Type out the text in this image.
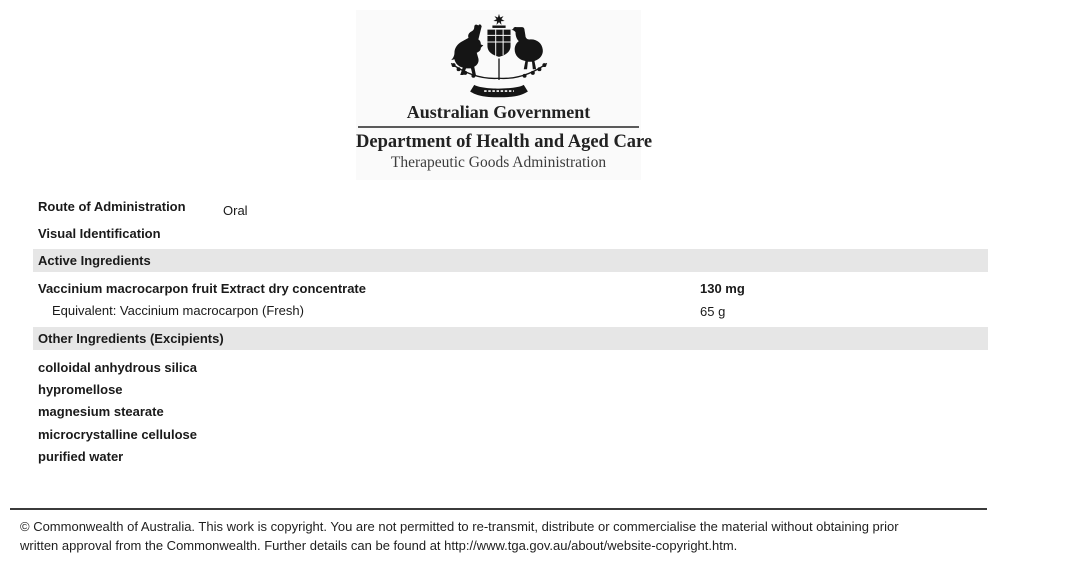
Australian Government
Department of Health and Aged Care
Therapeutic Goods Administration
Route of Administration	Oral
Visual Identification
Active Ingredients
Vaccinium macrocarpon fruit Extract dry concentrate	130 mg
Equivalent: Vaccinium macrocarpon (Fresh)	65 g
Other Ingredients (Excipients)
colloidal anhydrous silica
hypromellose
magnesium stearate
microcrystalline cellulose
purified water
© Commonwealth of Australia. This work is copyright. You are not permitted to re-transmit, distribute or commercialise the material without obtaining prior
written approval from the Commonwealth. Further details can be found at http://www.tga.gov.au/about/website-copyright.htm.
